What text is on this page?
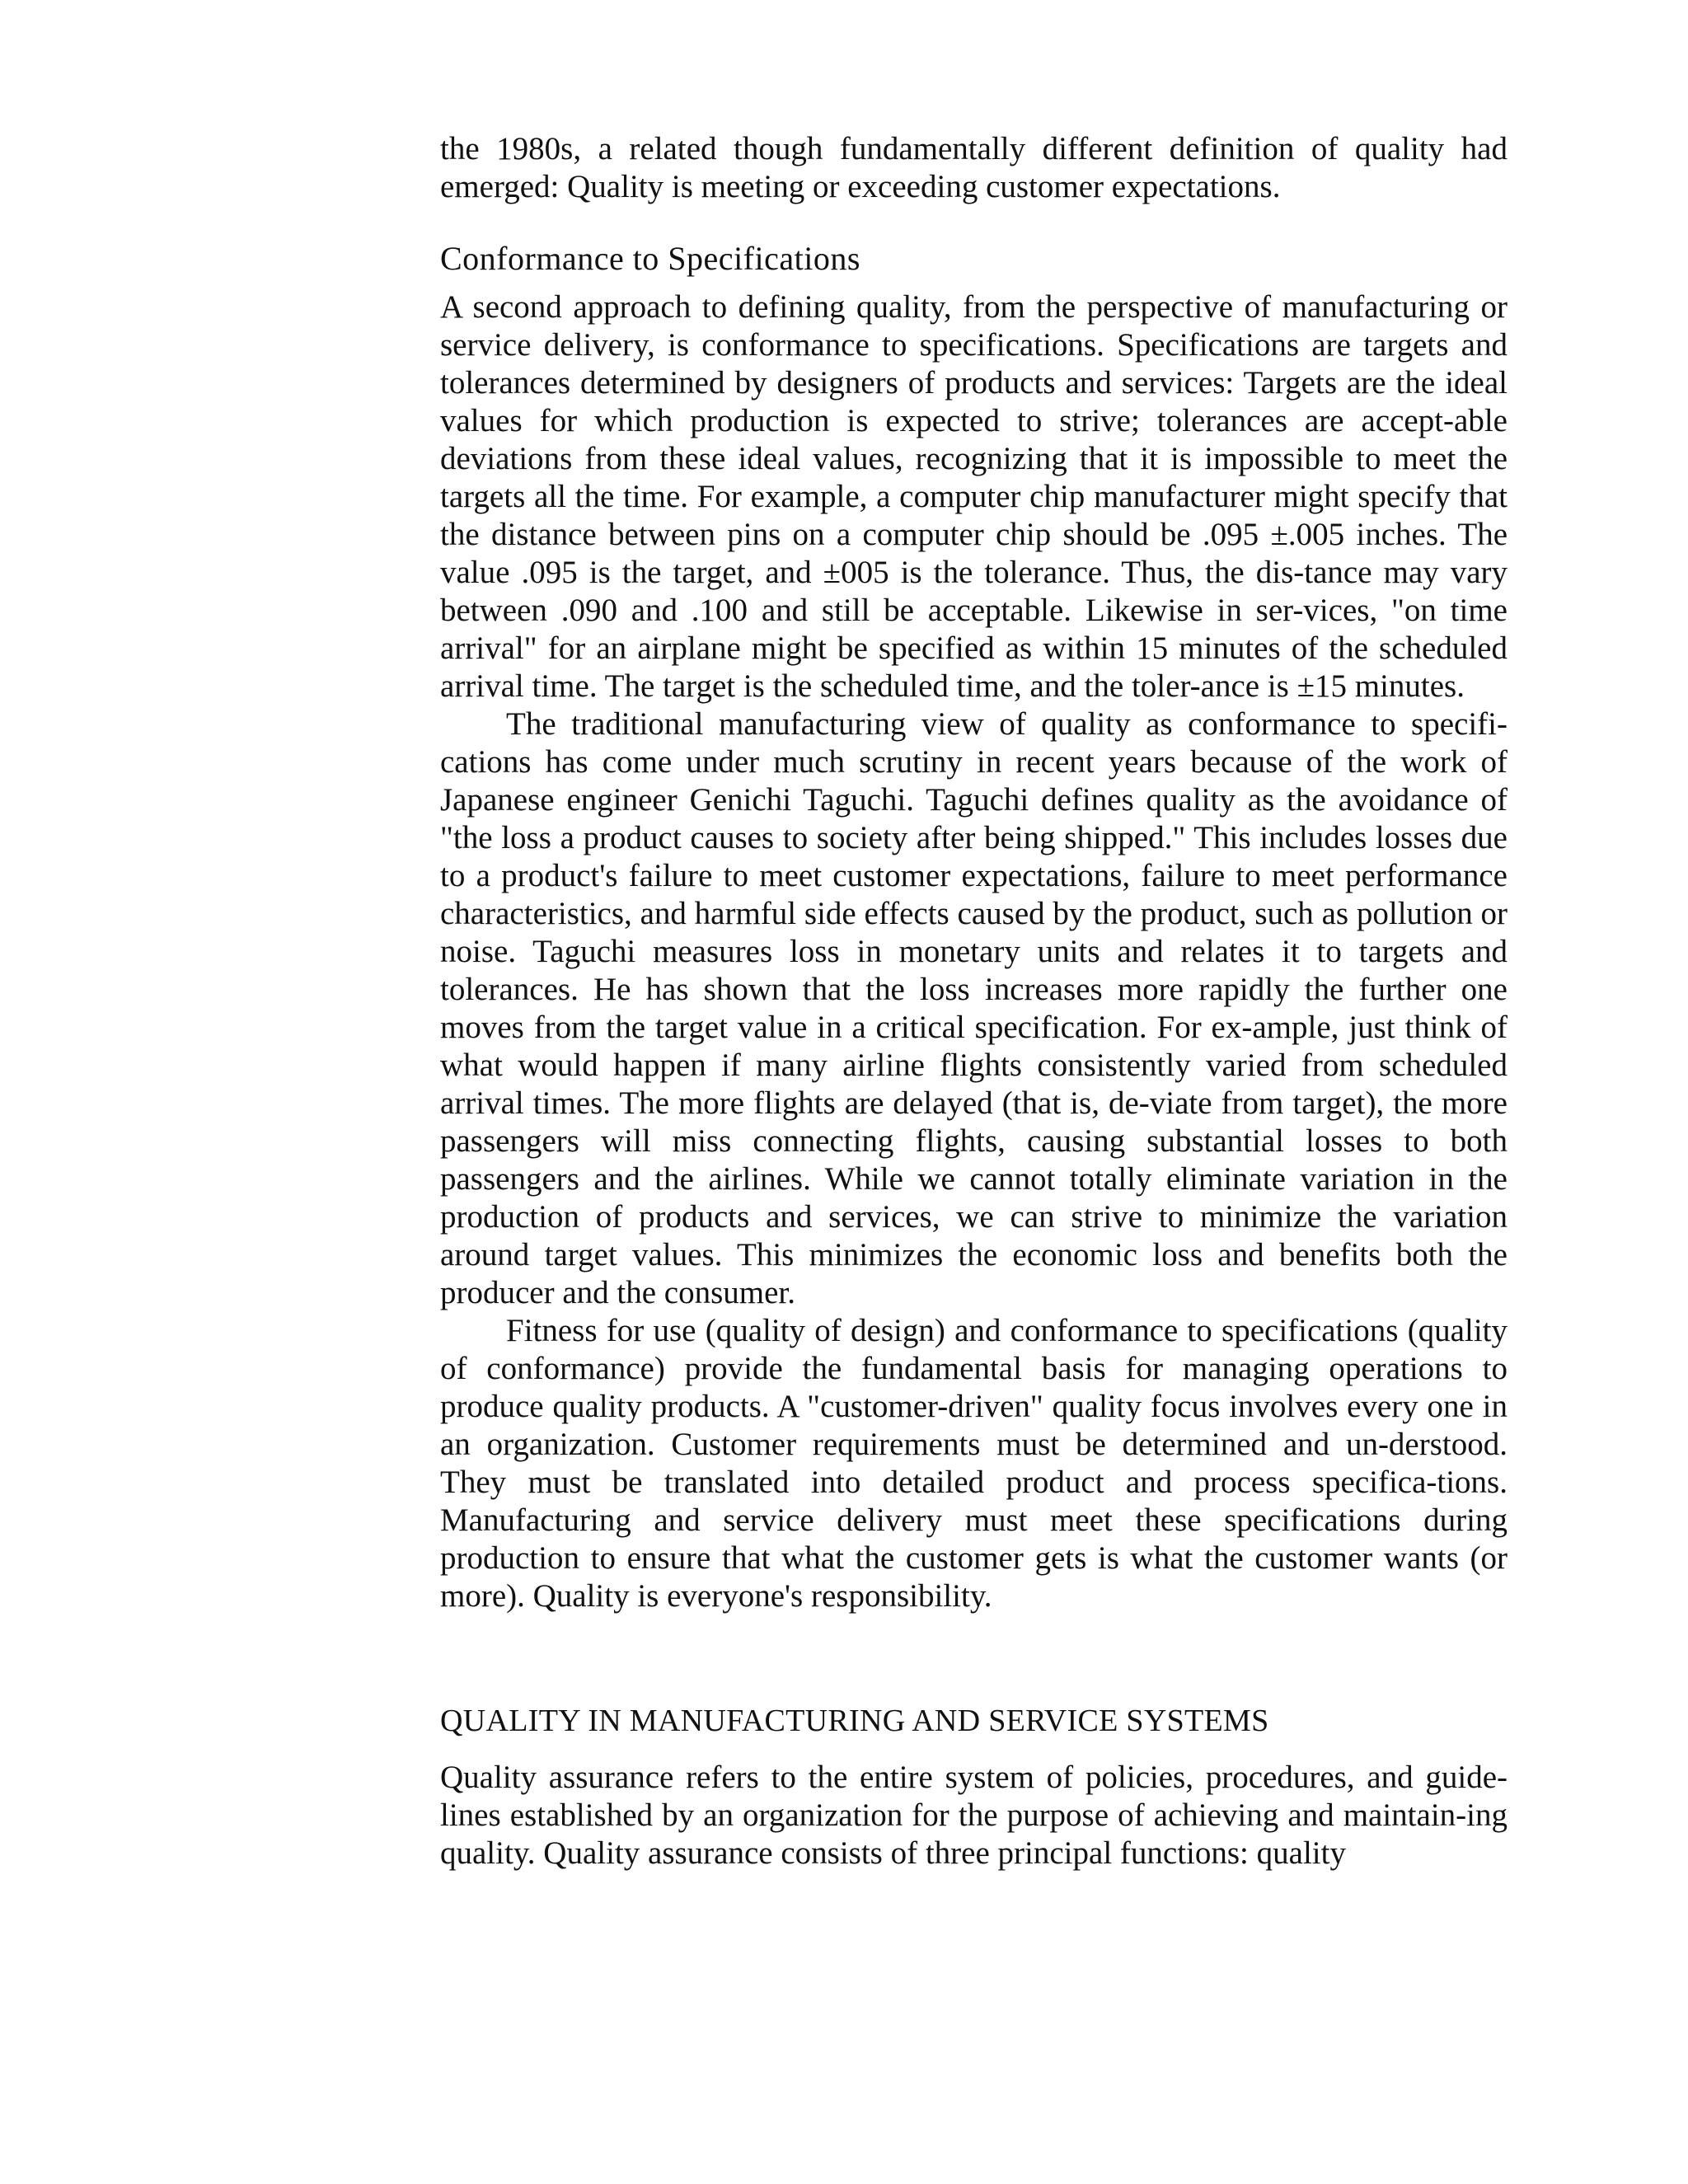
the 1980s, a related though fundamentally different definition of quality had emerged: Quality is meeting or exceeding customer expectations.

Conformance to Specifications

A second approach to defining quality, from the perspective of manufacturing or service delivery, is conformance to specifications. Specifications are targets and tolerances determined by designers of products and services: Targets are the ideal values for which production is expected to strive; tolerances are accept-able deviations from these ideal values, recognizing that it is impossible to meet the targets all the time. For example, a computer chip manufacturer might specify that the distance between pins on a computer chip should be .095 ±.005 inches. The value .095 is the target, and ±005 is the tolerance. Thus, the dis-tance may vary between .090 and .100 and still be acceptable. Likewise in ser-vices, "on time arrival" for an airplane might be specified as within 15 minutes of the scheduled arrival time. The target is the scheduled time, and the toler-ance is ±15 minutes.

The traditional manufacturing view of quality as conformance to specifi-cations has come under much scrutiny in recent years because of the work of Japanese engineer Genichi Taguchi. Taguchi defines quality as the avoidance of "the loss a product causes to society after being shipped." This includes losses due to a product's failure to meet customer expectations, failure to meet performance characteristics, and harmful side effects caused by the product, such as pollution or noise. Taguchi measures loss in monetary units and relates it to targets and tolerances. He has shown that the loss increases more rapidly the further one moves from the target value in a critical specification. For ex-ample, just think of what would happen if many airline flights consistently varied from scheduled arrival times. The more flights are delayed (that is, de-viate from target), the more passengers will miss connecting flights, causing substantial losses to both passengers and the airlines. While we cannot totally eliminate variation in the production of products and services, we can strive to minimize the variation around target values. This minimizes the economic loss and benefits both the producer and the consumer.

Fitness for use (quality of design) and conformance to specifications (quality of conformance) provide the fundamental basis for managing operations to produce quality products. A "customer-driven" quality focus involves every one in an organization. Customer requirements must be determined and un-derstood. They must be translated into detailed product and process specifica-tions. Manufacturing and service delivery must meet these specifications during production to ensure that what the customer gets is what the customer wants (or more). Quality is everyone's responsibility.

QUALITY IN MANUFACTURING AND SERVICE SYSTEMS

Quality assurance refers to the entire system of policies, procedures, and guide-lines established by an organization for the purpose of achieving and maintain-ing quality. Quality assurance consists of three principal functions: quality
